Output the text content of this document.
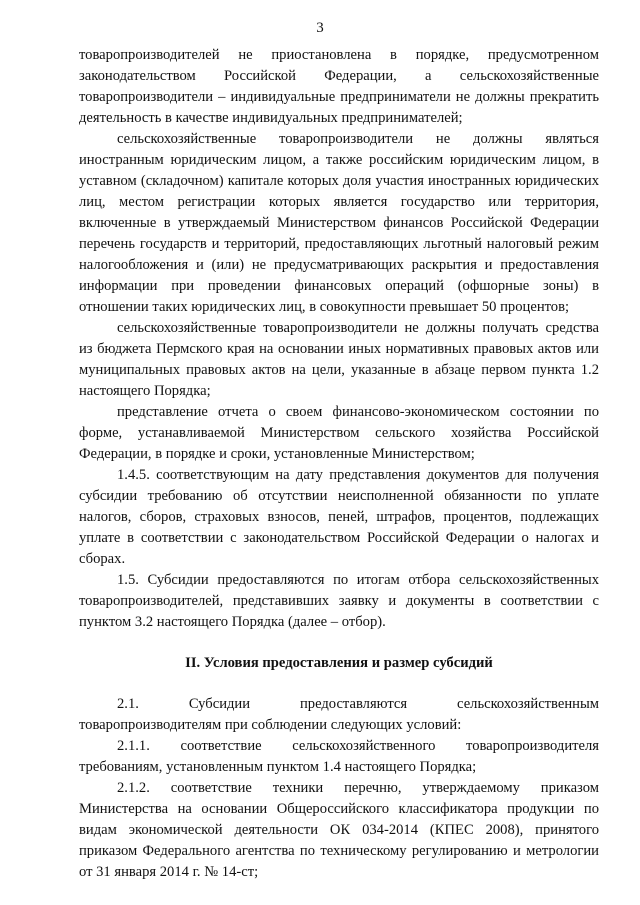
3

товаропроизводителей не приостановлена в порядке, предусмотренном законодательством Российской Федерации, а сельскохозяйственные товаропроизводители – индивидуальные предприниматели не должны прекратить деятельность в качестве индивидуальных предпринимателей;

сельскохозяйственные товаропроизводители не должны являться иностранным юридическим лицом, а также российским юридическим лицом, в уставном (складочном) капитале которых доля участия иностранных юридических лиц, местом регистрации которых является государство или территория, включенные в утверждаемый Министерством финансов Российской Федерации перечень государств и территорий, предоставляющих льготный налоговый режим налогообложения и (или) не предусматривающих раскрытия и предоставления информации при проведении финансовых операций (офшорные зоны) в отношении таких юридических лиц, в совокупности превышает 50 процентов;

сельскохозяйственные товаропроизводители не должны получать средства из бюджета Пермского края на основании иных нормативных правовых актов или муниципальных правовых актов на цели, указанные в абзаце первом пункта 1.2 настоящего Порядка;

представление отчета о своем финансово-экономическом состоянии по форме, устанавливаемой Министерством сельского хозяйства Российской Федерации, в порядке и сроки, установленные Министерством;

1.4.5. соответствующим на дату представления документов для получения субсидии требованию об отсутствии неисполненной обязанности по уплате налогов, сборов, страховых взносов, пеней, штрафов, процентов, подлежащих уплате в соответствии с законодательством Российской Федерации о налогах и сборах.

1.5. Субсидии предоставляются по итогам отбора сельскохозяйственных товаропроизводителей, представивших заявку и документы в соответствии с пунктом 3.2 настоящего Порядка (далее – отбор).

II. Условия предоставления и размер субсидий

2.1. Субсидии предоставляются сельскохозяйственным товаропроизводителям при соблюдении следующих условий:

2.1.1. соответствие сельскохозяйственного товаропроизводителя требованиям, установленным пунктом 1.4 настоящего Порядка;

2.1.2. соответствие техники перечню, утверждаемому приказом Министерства на основании Общероссийского классификатора продукции по видам экономической деятельности ОК 034-2014 (КПЕС 2008), принятого приказом Федерального агентства по техническому регулированию и метрологии от 31 января 2014 г. № 14-ст;
